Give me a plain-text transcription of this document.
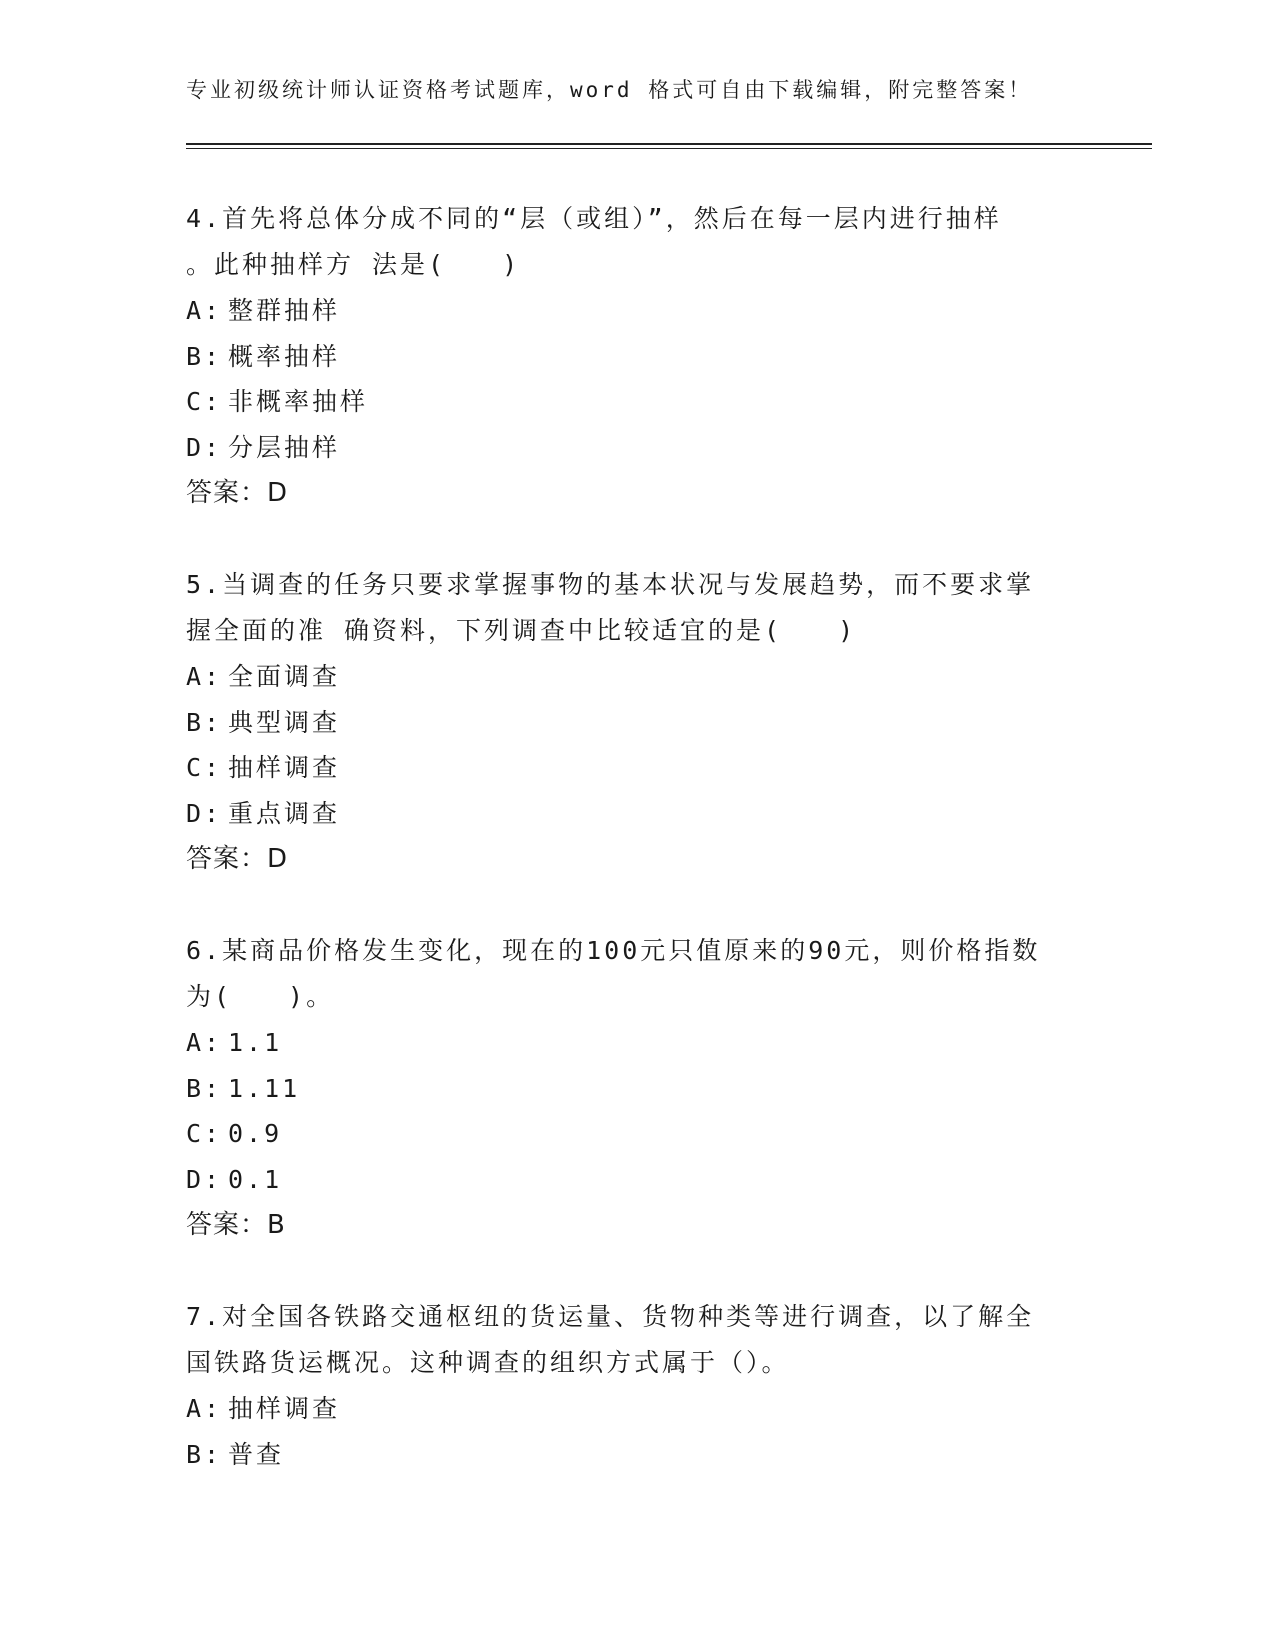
专业初级统计师认证资格考试题库，word 格式可自由下载编辑，附完整答案！
4.首先将总体分成不同的“层（或组）”，然后在每一层内进行抽样
。此种抽样方 法是(　　)
A: 整群抽样
B: 概率抽样
C: 非概率抽样
D: 分层抽样
答案：D
5.当调查的任务只要求掌握事物的基本状况与发展趋势，而不要求掌
握全面的准 确资料，下列调查中比较适宜的是(　　)
A: 全面调查
B: 典型调查
C: 抽样调查
D: 重点调查
答案：D
6.某商品价格发生变化，现在的100元只值原来的90元，则价格指数
为(　　)。
A: 1.1
B: 1.11
C: 0.9
D: 0.1
答案：B
7.对全国各铁路交通枢纽的货运量、货物种类等进行调查，以了解全
国铁路货运概况。这种调查的组织方式属于（）。
A: 抽样调查
B: 普查
